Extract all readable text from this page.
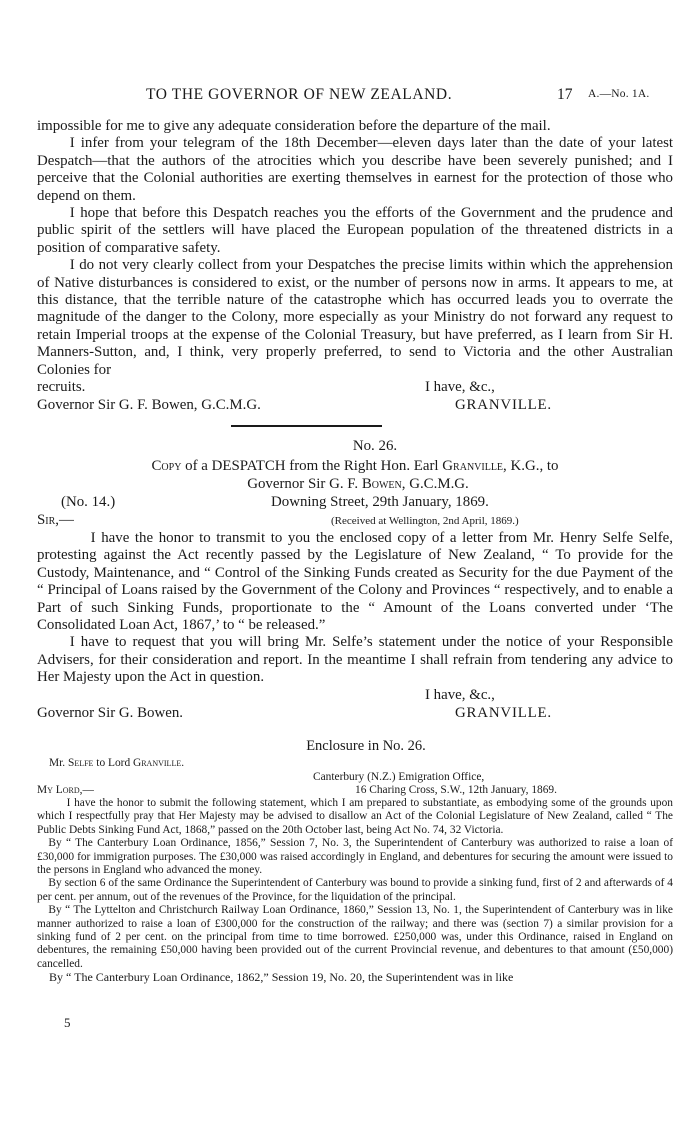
TO THE GOVERNOR OF NEW ZEALAND.	17 A.—No. 1A.

impossible for me to give any adequate consideration before the departure of the mail.

I infer from your telegram of the 18th December—eleven days later than the date of your latest Despatch—that the authors of the atrocities which you describe have been severely punished; and I perceive that the Colonial authorities are exerting themselves in earnest for the protection of those who depend on them.

I hope that before this Despatch reaches you the efforts of the Government and the prudence and public spirit of the settlers will have placed the European population of the threatened districts in a position of comparative safety.

I do not very clearly collect from your Despatches the precise limits within which the apprehension of Native disturbances is considered to exist, or the number of persons now in arms. It appears to me, at this distance, that the terrible nature of the catastrophe which has occurred leads you to overrate the magnitude of the danger to the Colony, more especially as your Ministry do not forward any request to retain Imperial troops at the expense of the Colonial Treasury, but have preferred, as I learn from Sir H. Manners-Sutton, and, I think, very properly preferred, to send to Victoria and the other Australian Colonies for

recruits.	I have, &c.,
Governor Sir G. F. Bowen, G.C.M.G.	GRANVILLE.
No. 26.
Copy of a DESPATCH from the Right Hon. Earl Granville, K.G., to
Governor Sir G. F. Bowen, G.C.M.G.
(No. 14.)	Downing Street, 29th January, 1869.
Sir,—	(Received at Wellington, 2nd April, 1869.)

I have the honor to transmit to you the enclosed copy of a letter from Mr. Henry Selfe Selfe, protesting against the Act recently passed by the Legislature of New Zealand, “ To provide for the Custody, Maintenance, and “ Control of the Sinking Funds created as Security for the due Payment of the “ Principal of Loans raised by the Government of the Colony and Provinces “ respectively, and to enable a Part of such Sinking Funds, proportionate to the “ Amount of the Loans converted under ‘The Consolidated Loan Act, 1867,’ to “ be released.”

I have to request that you will bring Mr. Selfe’s statement under the notice of your Responsible Advisers, for their consideration and report. In the meantime I shall refrain from tendering any advice to Her Majesty upon the Act in question.

I have, &c.,
Governor Sir G. Bowen.	GRANVILLE.
Enclosure in No. 26.
Mr. Selfe to Lord Granville.
Canterbury (N.Z.) Emigration Office,
My Lord,—	16 Charing Cross, S.W., 12th January, 1869.

I have the honor to submit the following statement, which I am prepared to substantiate, as embodying some of the grounds upon which I respectfully pray that Her Majesty may be advised to disallow an Act of the Colonial Legislature of New Zealand, called “ The Public Debts Sinking Fund Act, 1868,” passed on the 20th October last, being Act No. 74, 32 Victoria.

By “ The Canterbury Loan Ordinance, 1856,” Session 7, No. 3, the Superintendent of Canterbury was authorized to raise a loan of £30,000 for immigration purposes. The £30,000 was raised accordingly in England, and debentures for securing the amount were issued to the persons in England who advanced the money.

By section 6 of the same Ordinance the Superintendent of Canterbury was bound to provide a sinking fund, first of 2 and afterwards of 4 per cent. per annum, out of the revenues of the Province, for the liquidation of the principal.

By “ The Lyttelton and Christchurch Railway Loan Ordinance, 1860,” Session 13, No. 1, the Superintendent of Canterbury was in like manner authorized to raise a loan of £300,000 for the construction of the railway; and there was (section 7) a similar provision for a sinking fund of 2 per cent. on the principal from time to time borrowed. £250,000 was, under this Ordinance, raised in England on debentures, the remaining £50,000 having been provided out of the current Provincial revenue, and debentures to that amount (£50,000) cancelled.

By “ The Canterbury Loan Ordinance, 1862,” Session 19, No. 20, the Superintendent was in like

5
